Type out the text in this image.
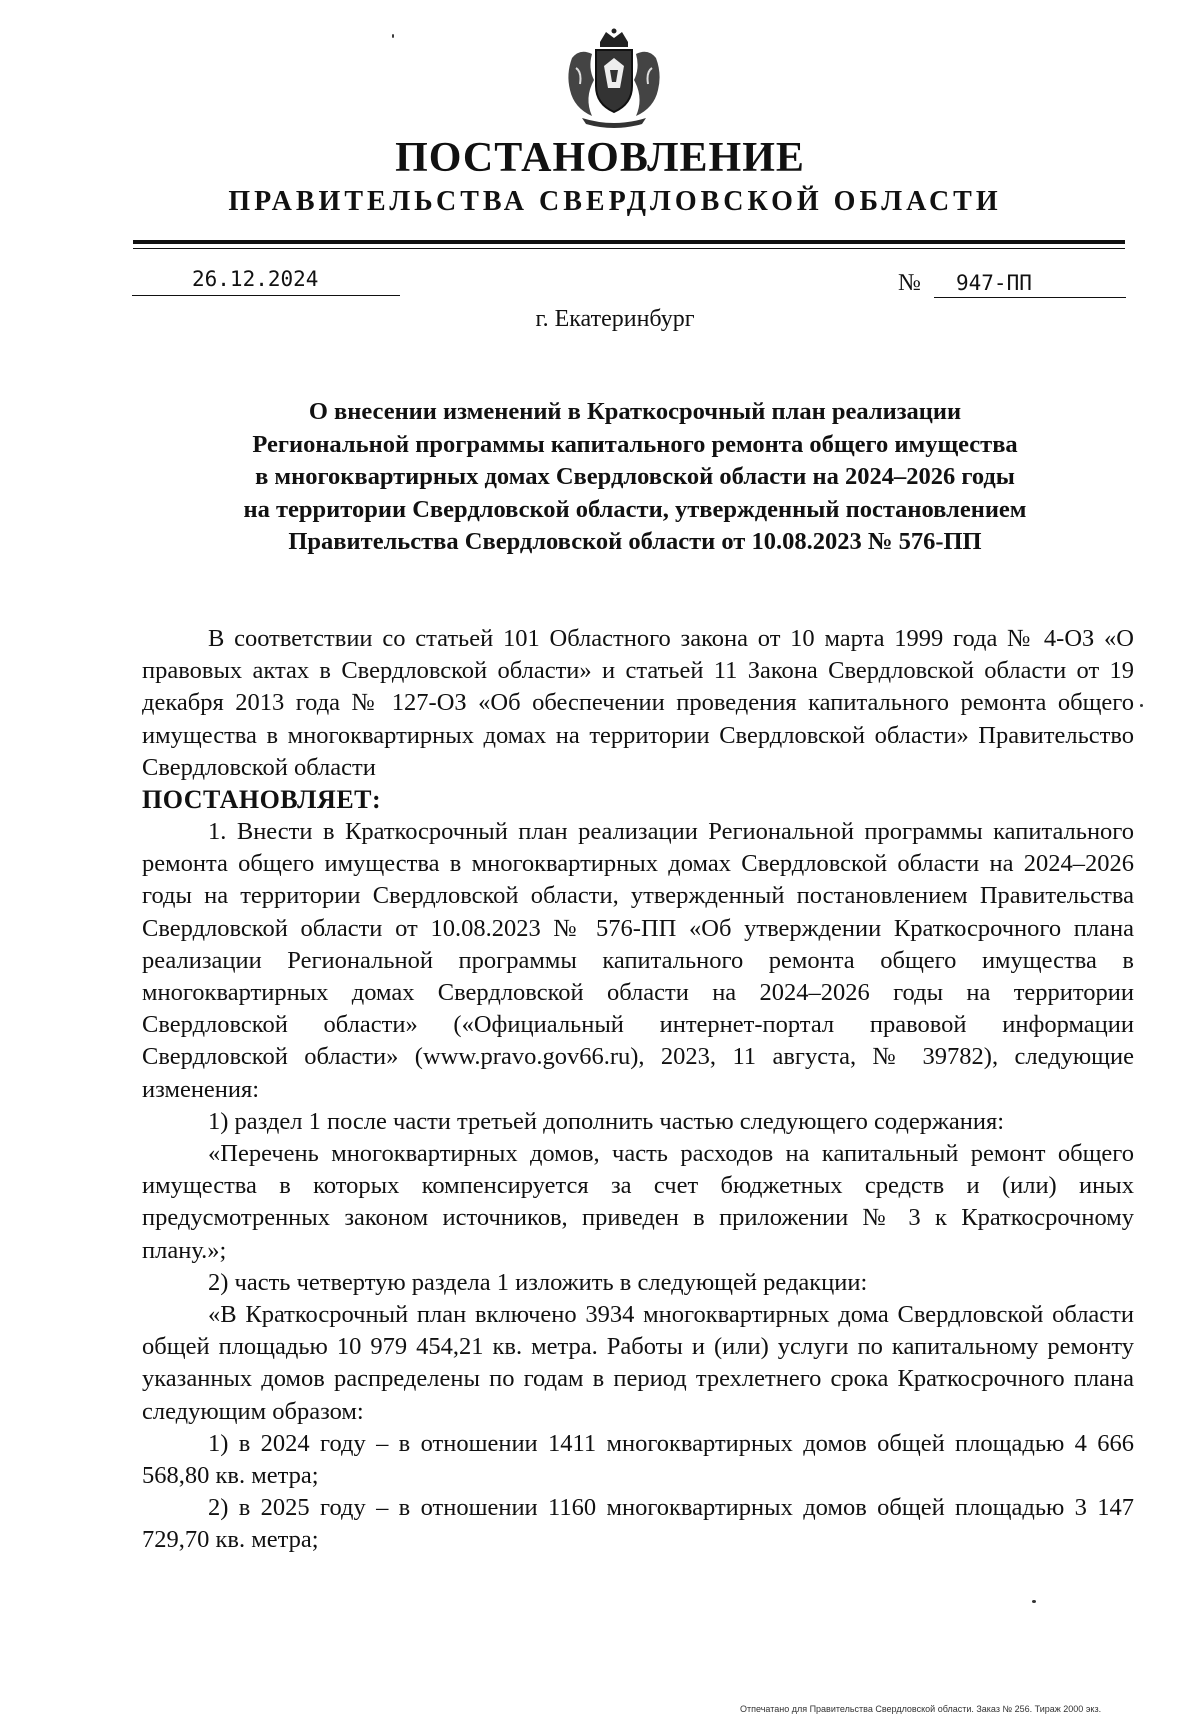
ПОСТАНОВЛЕНИЕ
ПРАВИТЕЛЬСТВА СВЕРДЛОВСКОЙ ОБЛАСТИ
26.12.2024	№	947-ПП
г. Екатеринбург
О внесении изменений в Краткосрочный план реализации
Региональной программы капитального ремонта общего имущества
в многоквартирных домах Свердловской области на 2024–2026 годы
на территории Свердловской области, утвержденный постановлением
Правительства Свердловской области от 10.08.2023 № 576-ПП

В соответствии со статьей 101 Областного закона от 10 марта 1999 года № 4-ОЗ «О правовых актах в Свердловской области» и статьей 11 Закона Свердловской области от 19 декабря 2013 года № 127-ОЗ «Об обеспечении проведения капитального ремонта общего имущества в многоквартирных домах на территории Свердловской области» Правительство Свердловской области

ПОСТАНОВЛЯЕТ:

1. Внести в Краткосрочный план реализации Региональной программы капитального ремонта общего имущества в многоквартирных домах Свердловской области на 2024–2026 годы на территории Свердловской области, утвержденный постановлением Правительства Свердловской области от 10.08.2023 № 576-ПП «Об утверждении Краткосрочного плана реализации Региональной программы капитального ремонта общего имущества в многоквартирных домах Свердловской области на 2024–2026 годы на территории Свердловской области» («Официальный интернет-портал правовой информации Свердловской области» (www.pravo.gov66.ru), 2023, 11 августа, № 39782), следующие изменения:

1) раздел 1 после части третьей дополнить частью следующего содержания:

«Перечень многоквартирных домов, часть расходов на капитальный ремонт общего имущества в которых компенсируется за счет бюджетных средств и (или) иных предусмотренных законом источников, приведен в приложении № 3 к Краткосрочному плану.»;

2) часть четвертую раздела 1 изложить в следующей редакции:

«В Краткосрочный план включено 3934 многоквартирных дома Свердловской области общей площадью 10 979 454,21 кв. метра. Работы и (или) услуги по капитальному ремонту указанных домов распределены по годам в период трехлетнего срока Краткосрочного плана следующим образом:

1) в 2024 году – в отношении 1411 многоквартирных домов общей площадью 4 666 568,80 кв. метра;

2) в 2025 году – в отношении 1160 многоквартирных домов общей площадью 3 147 729,70 кв. метра;

Отпечатано для Правительства Свердловской области. Заказ № 256. Тираж 2000 экз.
